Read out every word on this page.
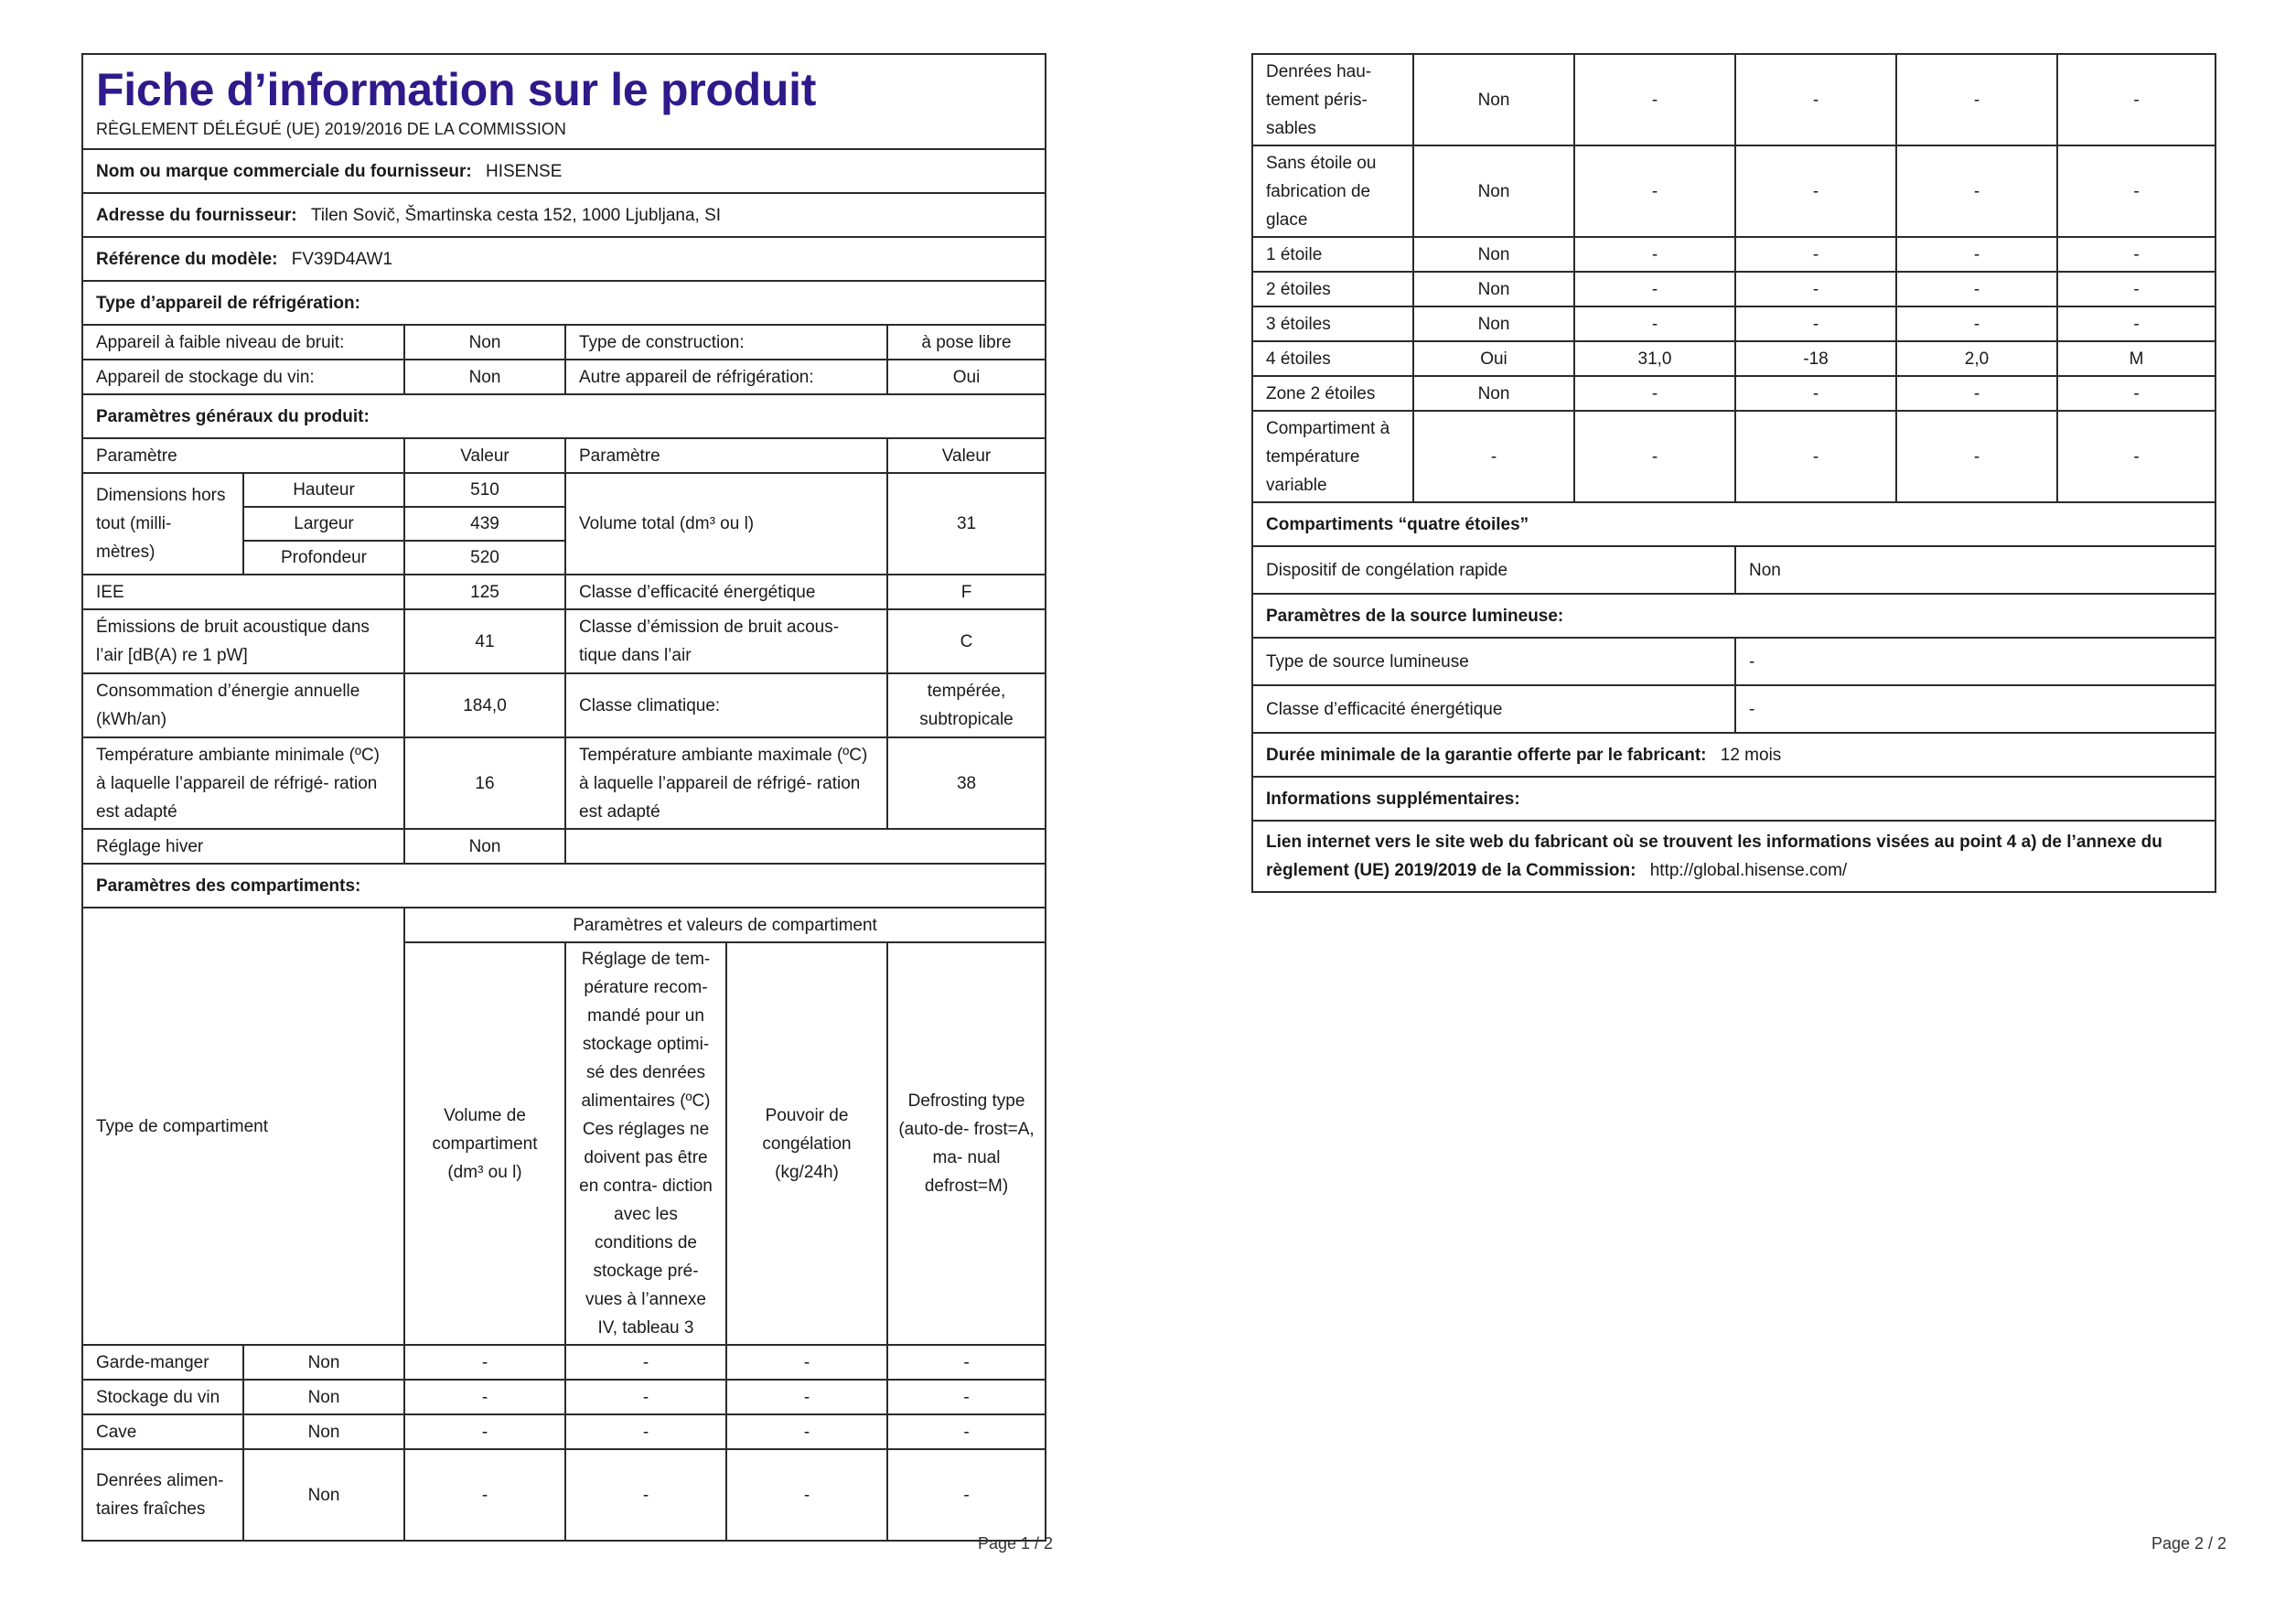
Fiche d’information sur le produit
RÈGLEMENT DÉLÉGUÉ (UE) 2019/2016 DE LA COMMISSION					

Nom ou marque commerciale du fournisseur: HISENSE					
Adresse du fournisseur: Tilen Sovič, Šmartinska cesta 152, 1000 Ljubljana, SI					
Référence du modèle: FV39D4AW1					
Type d’appareil de réfrigération:					
Appareil à faible niveau de bruit:		Non	Type de construction:		à pose libre
Appareil de stockage du vin:		Non	Autre appareil de réfrigération:		Oui
Paramètres généraux du produit:					
Paramètre		Valeur	Paramètre		Valeur
Dimensions hors tout (milli- mètres)	Hauteur	510	Volume total (dm³ ou l)		31
	Largeur	439			
	Profondeur	520			
IEE		125	Classe d’efficacité énergétique		F
Émissions de bruit acoustique dans l’air [dB(A) re 1 pW]		41	Classe d’émission de bruit acous- tique dans l’air		C
Consommation d’énergie annuelle (kWh/an)		184,0	Classe climatique:		tempérée, subtropicale
Température ambiante minimale (ºC) à laquelle l’appareil de réfrigé- ration est adapté		16	Température ambiante maximale (ºC) à laquelle l’appareil de réfrigé- ration est adapté		38
Réglage hiver		Non			
Paramètres des compartiments:					
Type de compartiment		Paramètres et valeurs de compartiment			
		Volume de compartiment (dm³ ou l)	Réglage de tem- pérature recom- mandé pour un stockage optimi- sé des denrées alimentaires (ºC) Ces réglages ne doivent pas être en contra- diction avec les conditions de stockage pré- vues à l’annexe IV, tableau 3	Pouvoir de congélation (kg/24h)	Defrosting type (auto-de- frost=A, ma- nual defrost=M)
Garde-manger	Non	-	-	-	-
Stockage du vin	Non	-	-	-	-
Cave	Non	-	-	-	-
Denrées alimen- taires fraîches	Non	-	-	-	-
Page 1 / 2
Denrées hau- tement péris- sables	Non	-	-	-	-
Sans étoile ou fabrication de glace	Non	-	-	-	-
1 étoile	Non	-	-	-	-
2 étoiles	Non	-	-	-	-
3 étoiles	Non	-	-	-	-
4 étoiles	Oui	31,0	-18	2,0	M
Zone 2 étoiles	Non	-	-	-	-
Compartiment à température variable	-	-	-	-	-
Compartiments “quatre étoiles”					
Dispositif de congélation rapide			Non		
Paramètres de la source lumineuse:					
Type de source lumineuse			-		
Classe d’efficacité énergétique			-		
Durée minimale de la garantie offerte par le fabricant: 12 mois					
Informations supplémentaires:					
Lien internet vers le site web du fabricant où se trouvent les informations visées au point 4 a) de l’annexe du règlement (UE) 2019/2019 de la Commission: http://global.hisense.com/					
Page 2 / 2
